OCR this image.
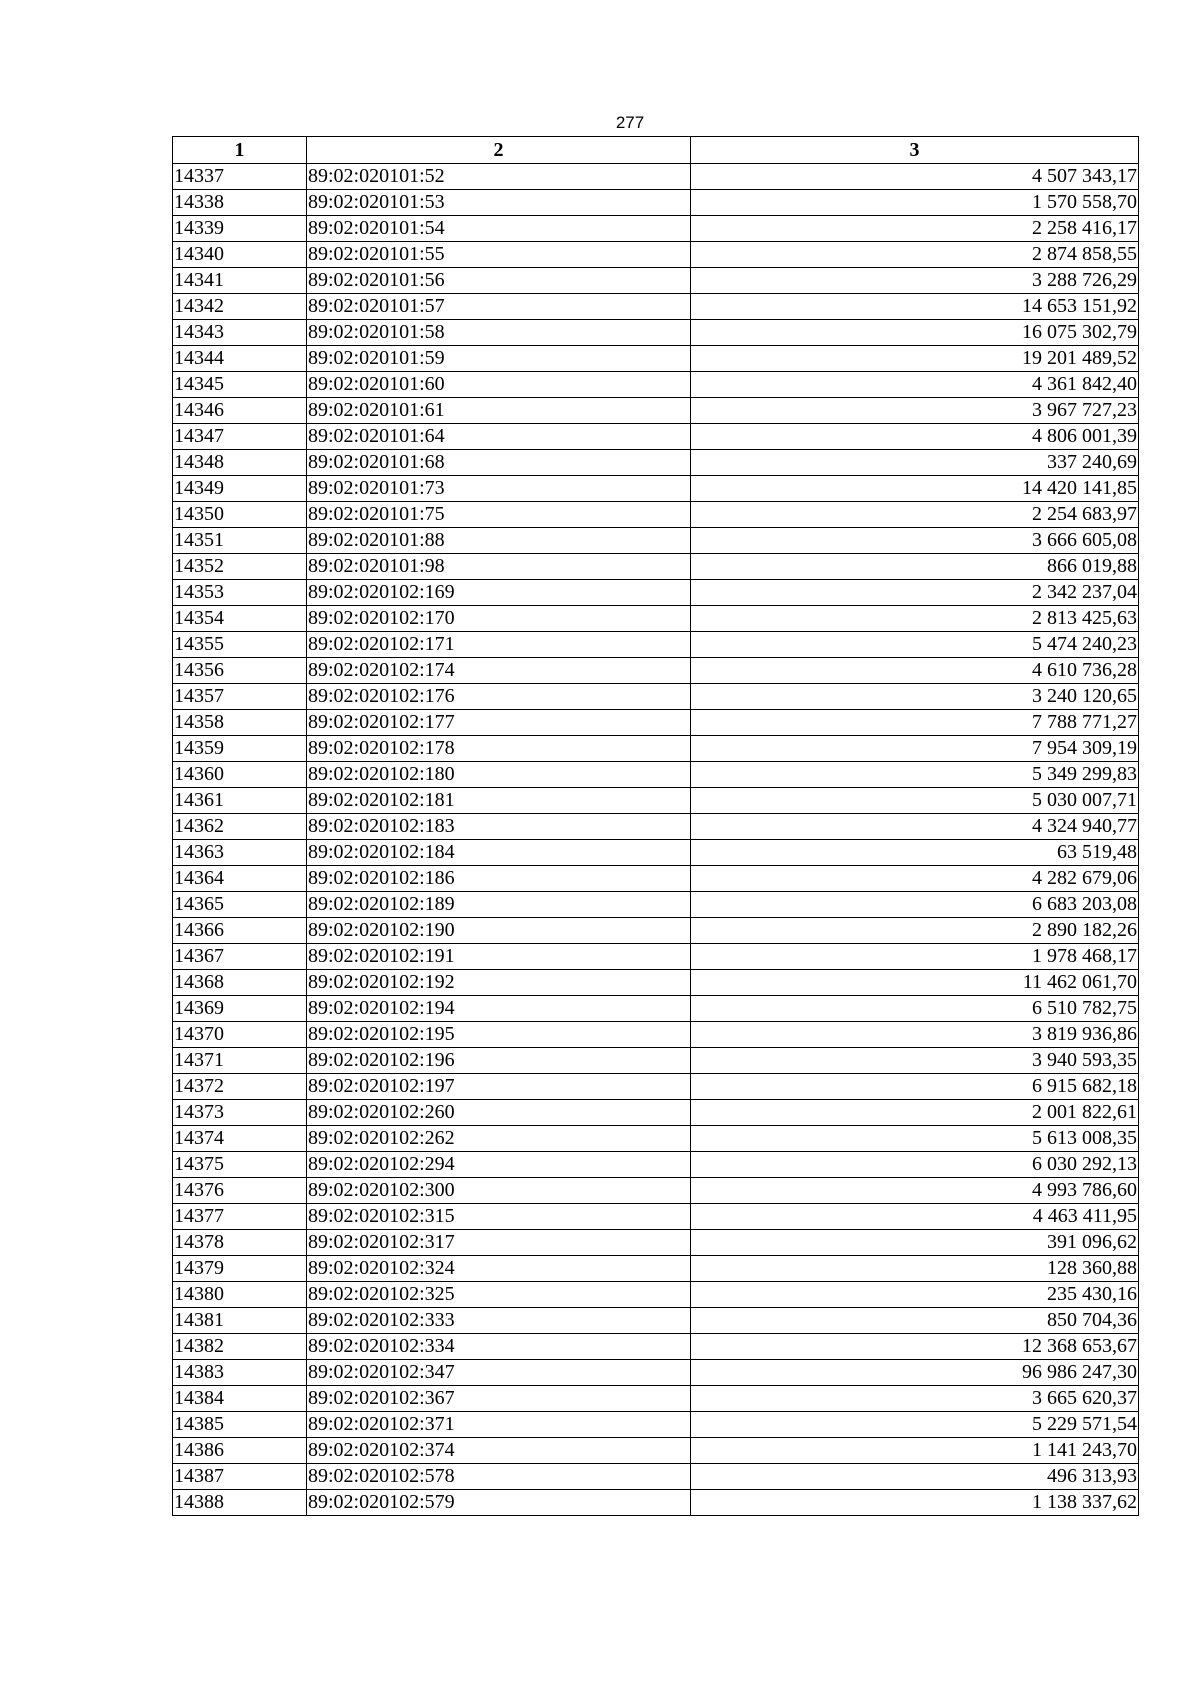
277
1	2	3
14337	89:02:020101:52	4 507 343,17
14338	89:02:020101:53	1 570 558,70
14339	89:02:020101:54	2 258 416,17
14340	89:02:020101:55	2 874 858,55
14341	89:02:020101:56	3 288 726,29
14342	89:02:020101:57	14 653 151,92
14343	89:02:020101:58	16 075 302,79
14344	89:02:020101:59	19 201 489,52
14345	89:02:020101:60	4 361 842,40
14346	89:02:020101:61	3 967 727,23
14347	89:02:020101:64	4 806 001,39
14348	89:02:020101:68	337 240,69
14349	89:02:020101:73	14 420 141,85
14350	89:02:020101:75	2 254 683,97
14351	89:02:020101:88	3 666 605,08
14352	89:02:020101:98	866 019,88
14353	89:02:020102:169	2 342 237,04
14354	89:02:020102:170	2 813 425,63
14355	89:02:020102:171	5 474 240,23
14356	89:02:020102:174	4 610 736,28
14357	89:02:020102:176	3 240 120,65
14358	89:02:020102:177	7 788 771,27
14359	89:02:020102:178	7 954 309,19
14360	89:02:020102:180	5 349 299,83
14361	89:02:020102:181	5 030 007,71
14362	89:02:020102:183	4 324 940,77
14363	89:02:020102:184	63 519,48
14364	89:02:020102:186	4 282 679,06
14365	89:02:020102:189	6 683 203,08
14366	89:02:020102:190	2 890 182,26
14367	89:02:020102:191	1 978 468,17
14368	89:02:020102:192	11 462 061,70
14369	89:02:020102:194	6 510 782,75
14370	89:02:020102:195	3 819 936,86
14371	89:02:020102:196	3 940 593,35
14372	89:02:020102:197	6 915 682,18
14373	89:02:020102:260	2 001 822,61
14374	89:02:020102:262	5 613 008,35
14375	89:02:020102:294	6 030 292,13
14376	89:02:020102:300	4 993 786,60
14377	89:02:020102:315	4 463 411,95
14378	89:02:020102:317	391 096,62
14379	89:02:020102:324	128 360,88
14380	89:02:020102:325	235 430,16
14381	89:02:020102:333	850 704,36
14382	89:02:020102:334	12 368 653,67
14383	89:02:020102:347	96 986 247,30
14384	89:02:020102:367	3 665 620,37
14385	89:02:020102:371	5 229 571,54
14386	89:02:020102:374	1 141 243,70
14387	89:02:020102:578	496 313,93
14388	89:02:020102:579	1 138 337,62
